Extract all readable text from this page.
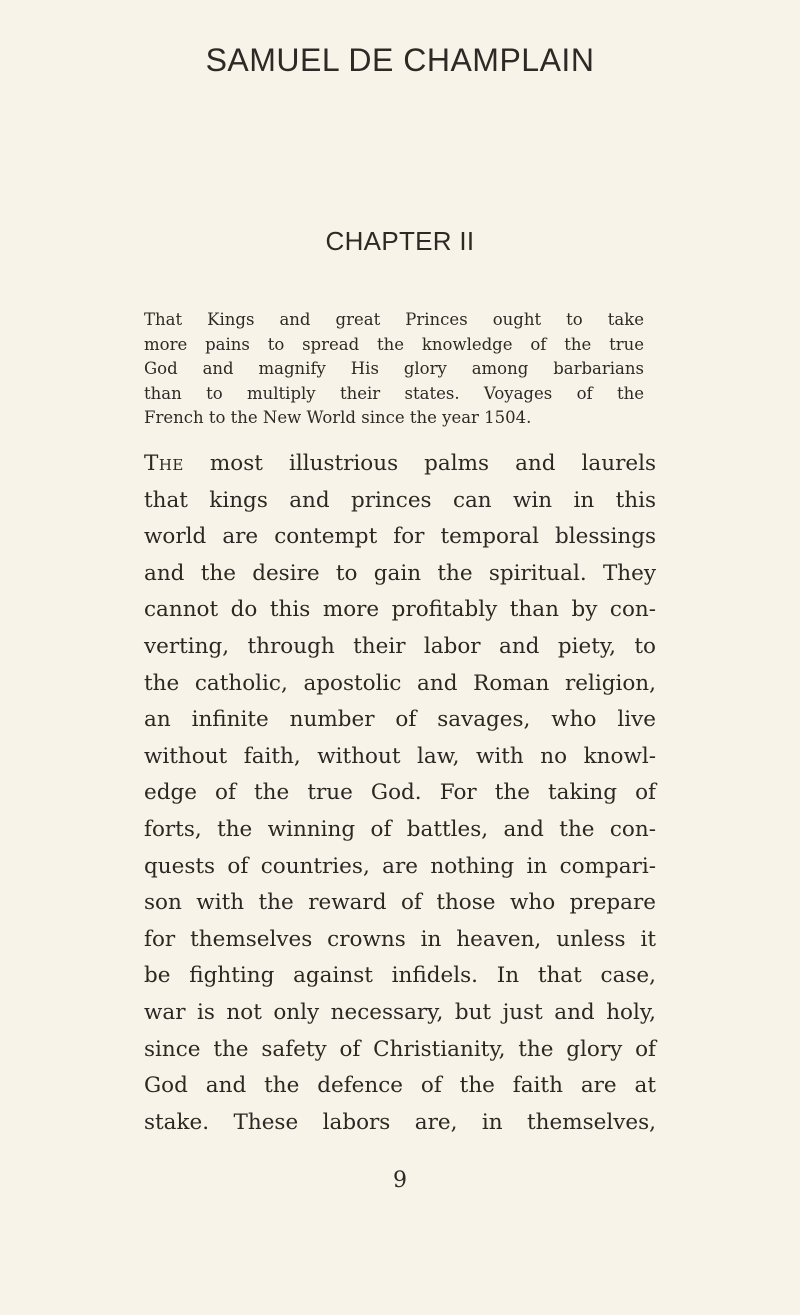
SAMUEL DE CHAMPLAIN
CHAPTER II
That Kings and great Princes ought to take
more pains to spread the knowledge of the true
God and magnify His glory among barbarians
than to multiply their states. Voyages of the
French to the New World since the year 1504.
The most illustrious palms and laurels
that kings and princes can win in this
world are contempt for temporal blessings
and the desire to gain the spiritual. They
cannot do this more profitably than by con-
verting, through their labor and piety, to
the catholic, apostolic and Roman religion,
an infinite number of savages, who live
without faith, without law, with no knowl-
edge of the true God. For the taking of
forts, the winning of battles, and the con-
quests of countries, are nothing in compari-
son with the reward of those who prepare
for themselves crowns in heaven, unless it
be fighting against infidels. In that case,
war is not only necessary, but just and holy,
since the safety of Christianity, the glory of
God and the defence of the faith are at
stake. These labors are, in themselves,
9
